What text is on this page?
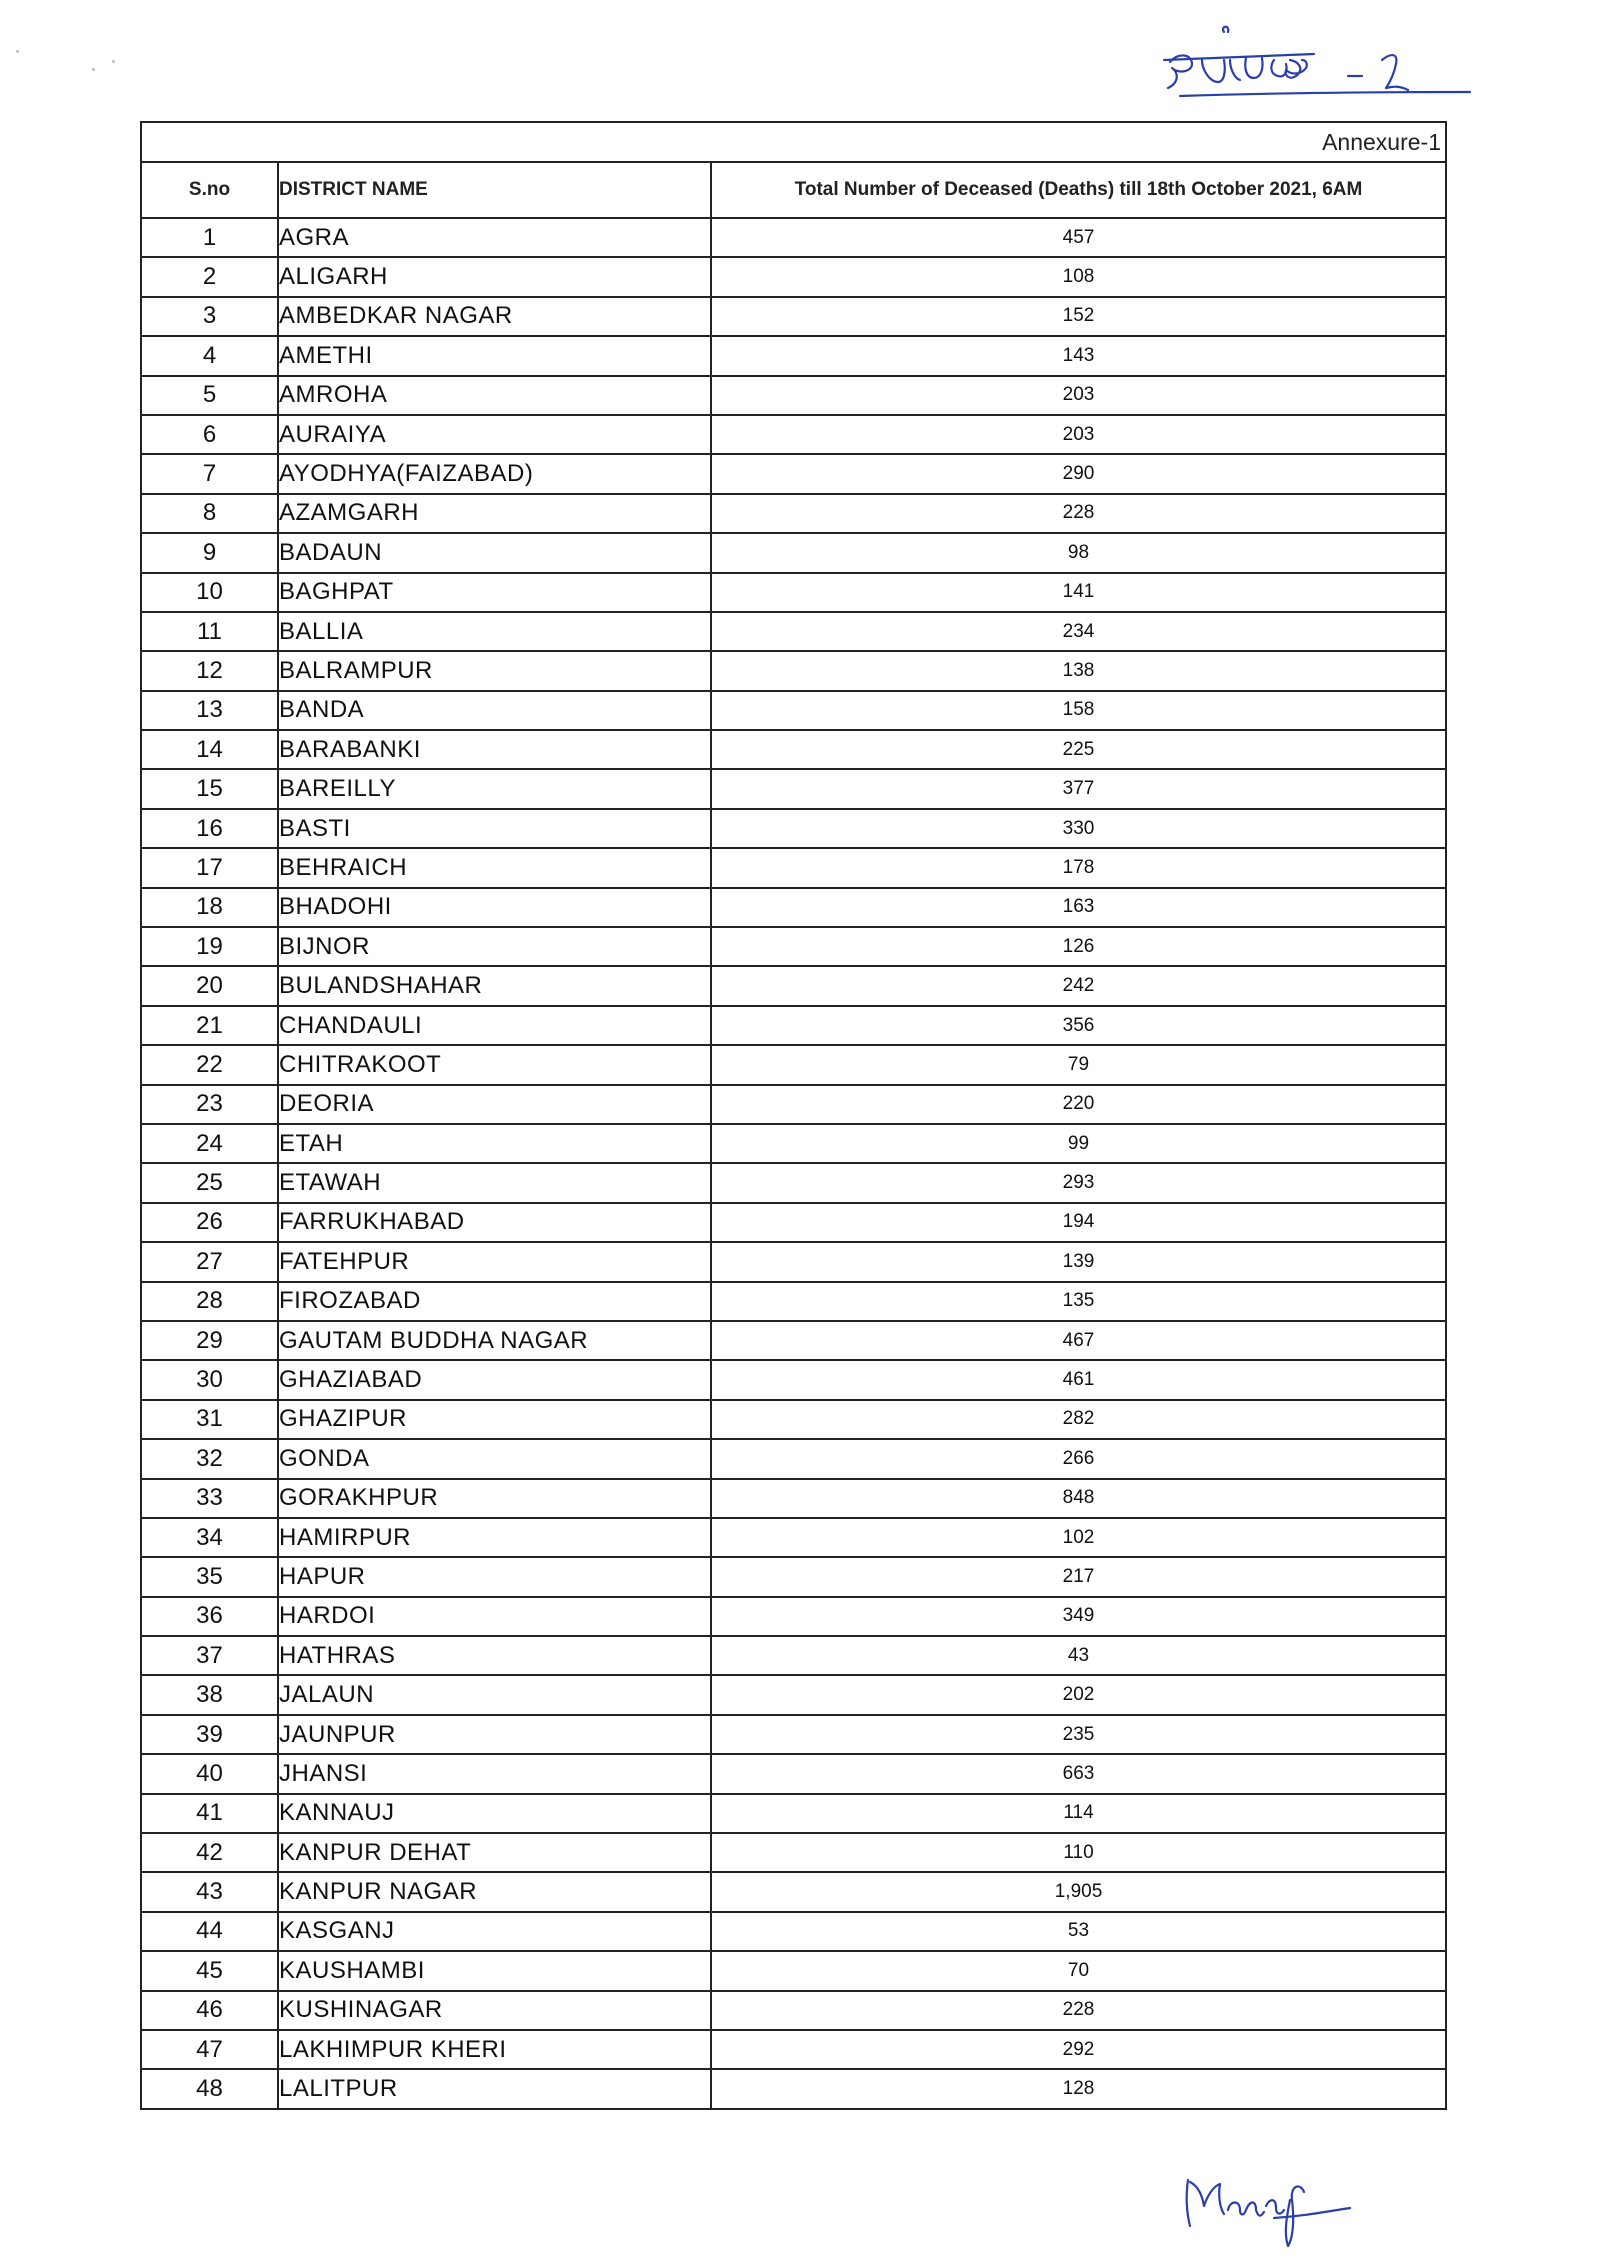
Annexure-1
S.no	DISTRICT NAME	Total Number of Deceased (Deaths) till 18th October 2021, 6AM
1	AGRA	457
2	ALIGARH	108
3	AMBEDKAR NAGAR	152
4	AMETHI	143
5	AMROHA	203
6	AURAIYA	203
7	AYODHYA(FAIZABAD)	290
8	AZAMGARH	228
9	BADAUN	98
10	BAGHPAT	141
11	BALLIA	234
12	BALRAMPUR	138
13	BANDA	158
14	BARABANKI	225
15	BAREILLY	377
16	BASTI	330
17	BEHRAICH	178
18	BHADOHI	163
19	BIJNOR	126
20	BULANDSHAHAR	242
21	CHANDAULI	356
22	CHITRAKOOT	79
23	DEORIA	220
24	ETAH	99
25	ETAWAH	293
26	FARRUKHABAD	194
27	FATEHPUR	139
28	FIROZABAD	135
29	GAUTAM BUDDHA NAGAR	467
30	GHAZIABAD	461
31	GHAZIPUR	282
32	GONDA	266
33	GORAKHPUR	848
34	HAMIRPUR	102
35	HAPUR	217
36	HARDOI	349
37	HATHRAS	43
38	JALAUN	202
39	JAUNPUR	235
40	JHANSI	663
41	KANNAUJ	114
42	KANPUR DEHAT	110
43	KANPUR NAGAR	1,905
44	KASGANJ	53
45	KAUSHAMBI	70
46	KUSHINAGAR	228
47	LAKHIMPUR KHERI	292
48	LALITPUR	128
